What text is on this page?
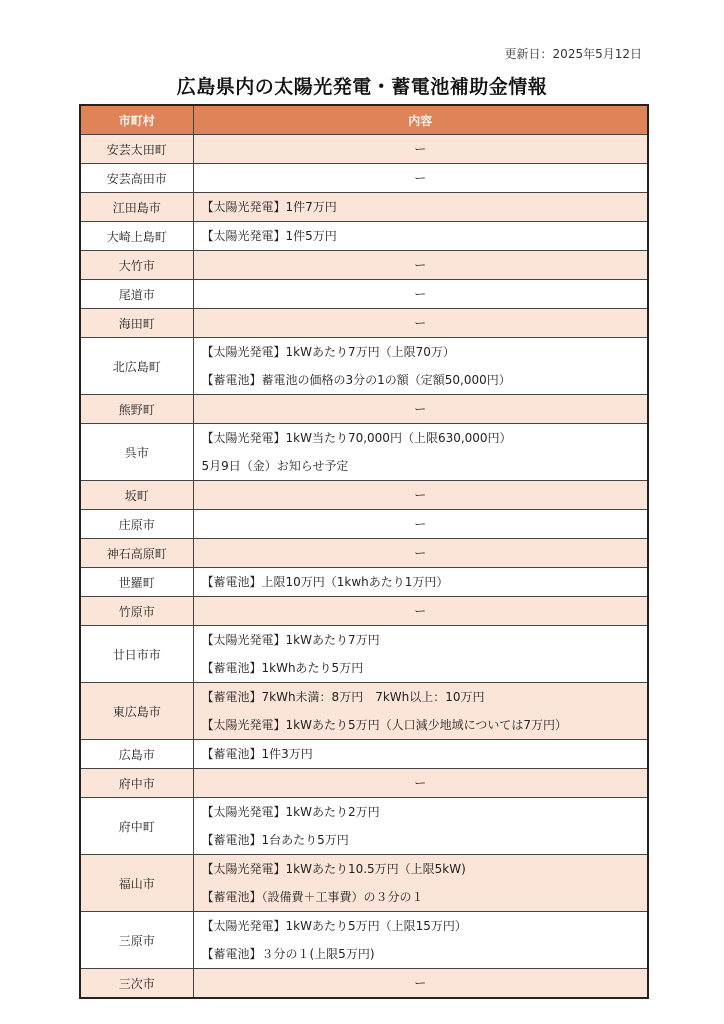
更新日：2025年5月12日
広島県内の太陽光発電・蓄電池補助金情報
市町村	内容
安芸太田町	ー

安芸高田市	ー

江田島市	【太陽光発電】1件7万円

大崎上島町	【太陽光発電】1件5万円

大竹市	ー

尾道市	ー

海田町	ー

北広島町	【太陽光発電】1kWあたり7万円（上限70万）
【蓄電池】蓄電池の価格の3分の1の額（定額50,000円）

熊野町	ー

呉市	【太陽光発電】1kW当たり70,000円（上限630,000円）
5月9日（金）お知らせ予定

坂町	ー

庄原市	ー

神石高原町	ー

世羅町	【蓄電池】上限10万円（1kwhあたり1万円）

竹原市	ー

廿日市市	【太陽光発電】1kWあたり7万円
【蓄電池】1kWhあたり5万円

東広島市	【蓄電池】7kWh未満：8万円　7kWh以上：10万円
【太陽光発電】1kWあたり5万円（人口減少地域については7万円）

広島市	【蓄電池】1件3万円

府中市	ー

府中町	【太陽光発電】1kWあたり2万円
【蓄電池】1台あたり5万円

福山市	【太陽光発電】1kWあたり10.5万円（上限5kW)
【蓄電池】（設備費＋工事費）の３分の１

三原市	【太陽光発電】1kWあたり5万円（上限15万円）
【蓄電池】３分の１(上限5万円)

三次市	ー
